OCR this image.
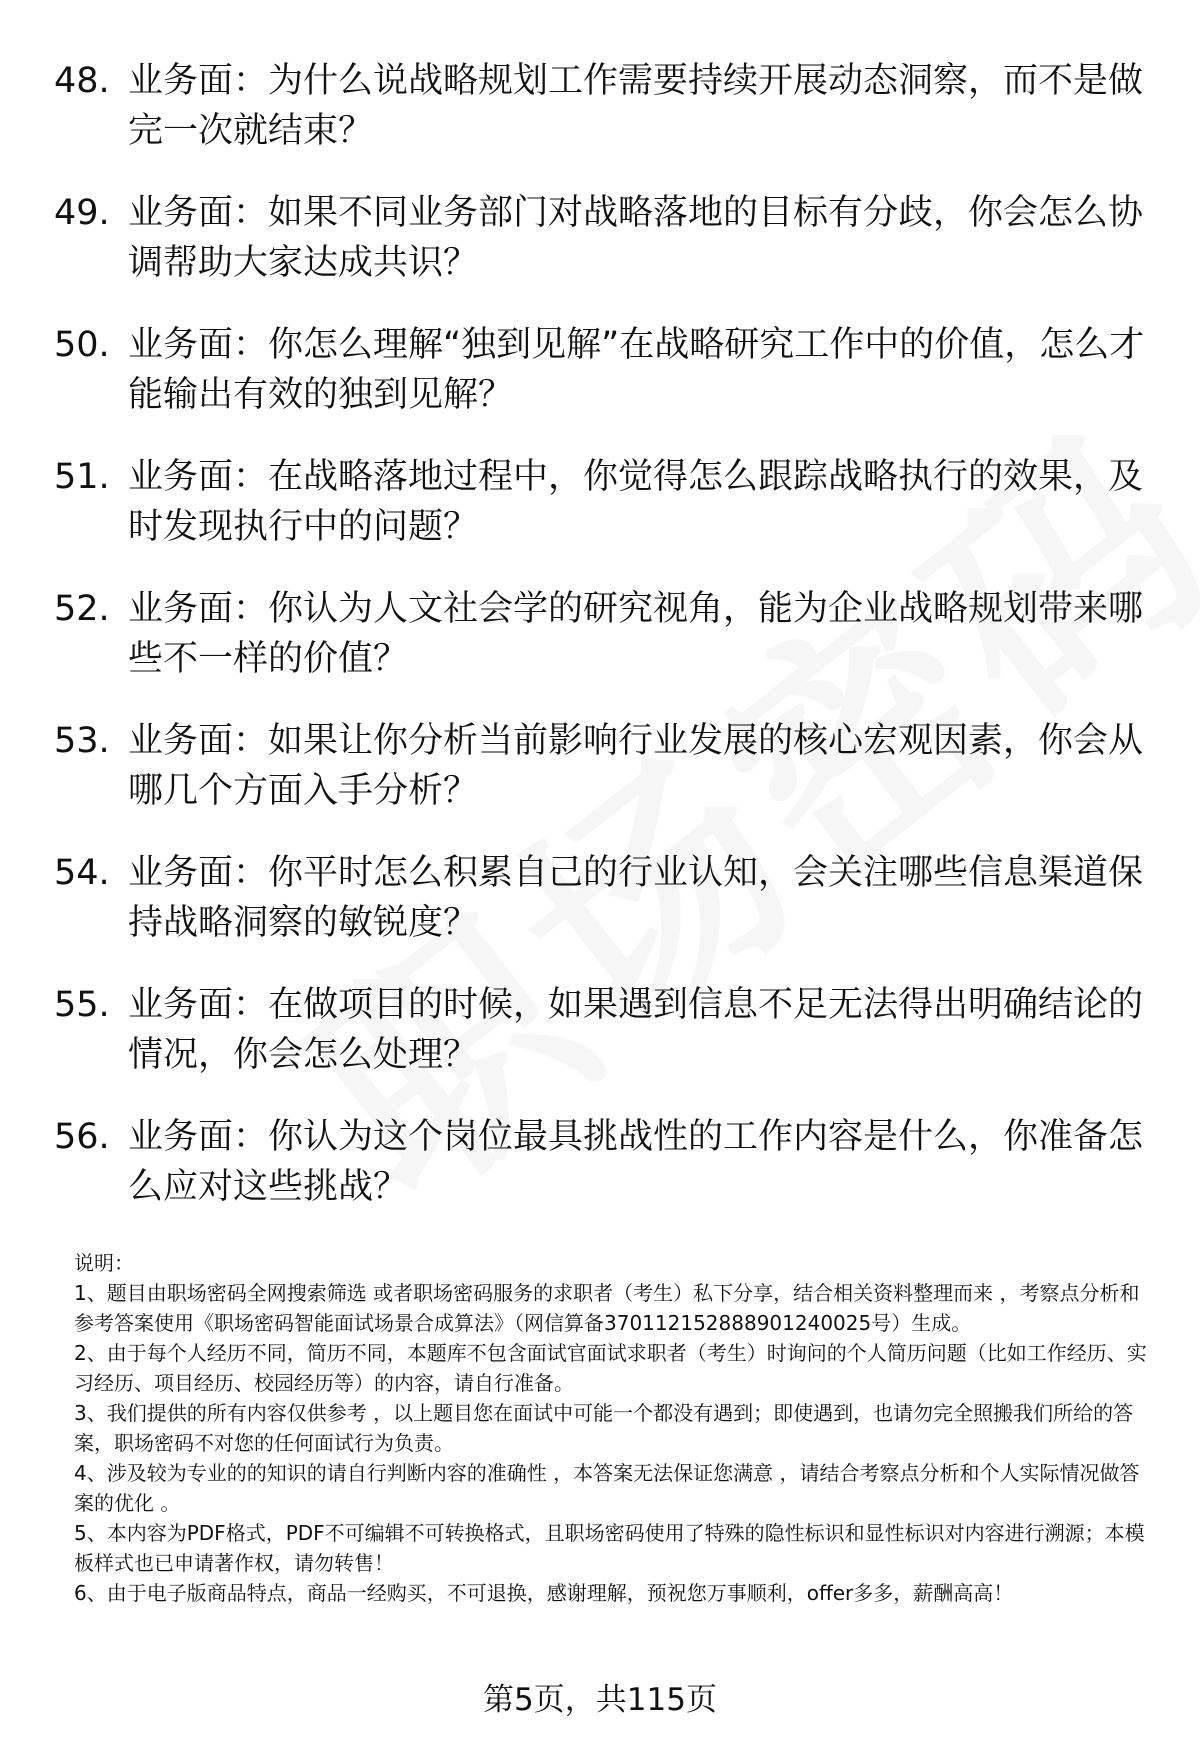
48. 业务面：为什么说战略规划工作需要持续开展动态洞察，而不是做完一次就结束？
49. 业务面：如果不同业务部门对战略落地的目标有分歧，你会怎么协调帮助大家达成共识？
50. 业务面：你怎么理解“独到见解”在战略研究工作中的价值，怎么才能输出有效的独到见解？
51. 业务面：在战略落地过程中，你觉得怎么跟踪战略执行的效果，及时发现执行中的问题？
52. 业务面：你认为人文社会学的研究视角，能为企业战略规划带来哪些不一样的价值？
53. 业务面：如果让你分析当前影响行业发展的核心宏观因素，你会从哪几个方面入手分析？
54. 业务面：你平时怎么积累自己的行业认知，会关注哪些信息渠道保持战略洞察的敏锐度？
55. 业务面：在做项目的时候，如果遇到信息不足无法得出明确结论的情况，你会怎么处理？
56. 业务面：你认为这个岗位最具挑战性的工作内容是什么，你准备怎么应对这些挑战？
说明：
1、题目由职场密码全网搜索筛选 或者职场密码服务的求职者（考生）私下分享，结合相关资料整理而来 ，考察点分析和参考答案使用《职场密码智能面试场景合成算法》（网信算备370112152888901240025号）生成。
2、由于每个人经历不同，简历不同，本题库不包含面试官面试求职者（考生）时询问的个人简历问题（比如工作经历、实习经历、项目经历、校园经历等）的内容，请自行准备。
3、我们提供的所有内容仅供参考 ，以上题目您在面试中可能一个都没有遇到；即使遇到，也请勿完全照搬我们所给的答案，职场密码不对您的任何面试行为负责。
4、涉及较为专业的的知识的请自行判断内容的准确性 ，本答案无法保证您满意 ，请结合考察点分析和个人实际情况做答案的优化 。
5、本内容为PDF格式，PDF不可编辑不可转换格式，且职场密码使用了特殊的隐性标识和显性标识对内容进行溯源；本模板样式也已申请著作权，请勿转售！
6、由于电子版商品特点，商品一经购买，不可退换，感谢理解，预祝您万事顺利，offer多多，薪酬高高！
第5页，共115页
